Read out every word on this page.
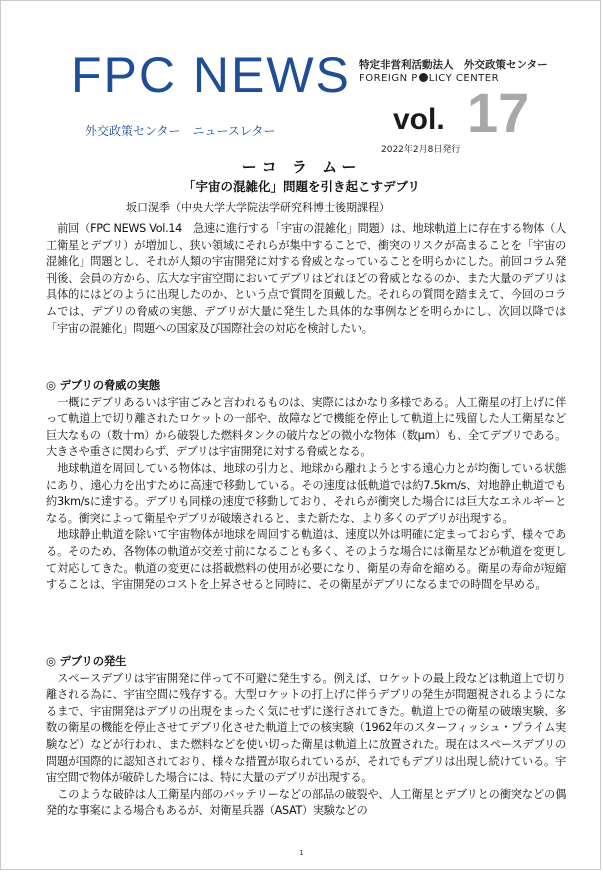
FPC NEWS
外交政策センター　ニュースレター
特定非営利活動法人　外交政策センター
FOREIGN P LICY CENTER
vol. 17
2022年2月8日発行
ーコ ラ ムー
「宇宙の混雑化」問題を引き起こすデブリ
坂口滉季（中央大学大学院法学研究科博士後期課程）

前回（FPC NEWS Vol.14　急速に進行する「宇宙の混雑化」問題）は、地球軌道上に存在する物体（人工衛星とデブリ）が増加し、狭い領域にそれらが集中することで、衝突のリスクが高まることを「宇宙の混雑化」問題とし、それが人類の宇宙開発に対する脅威となっていることを明らかにした。前回コラム発刊後、会員の方から、広大な宇宙空間においてデブリはどれほどの脅威となるのか、また大量のデブリは具体的にはどのように出現したのか、という点で質問を頂戴した。それらの質問を踏まえて、今回のコラムでは、デブリの脅威の実態、デブリが大量に発生した具体的な事例などを明らかにし、次回以降では「宇宙の混雑化」問題への国家及び国際社会の対応を検討したい。

◎ デブリの脅威の実態

一概にデブリあるいは宇宙ごみと言われるものは、実際にはかなり多様である。人工衛星の打上げに伴って軌道上で切り離されたロケットの一部や、故障などで機能を停止して軌道上に残留した人工衛星など巨大なもの（数十m）から破裂した燃料タンクの破片などの微小な物体（数μm）も、全てデブリである。大きさや重さに関わらず、デブリは宇宙開発に対する脅威となる。

地球軌道を周回している物体は、地球の引力と、地球から離れようとする遠心力とが均衡している状態にあり、遠心力を出すために高速で移動している。その速度は低軌道では約7.5km/s、対地静止軌道でも約3km/sに達する。デブリも同様の速度で移動しており、それらが衝突した場合には巨大なエネルギーとなる。衝突によって衛星やデブリが破壊されると、また新たな、より多くのデブリが出現する。

地球静止軌道を除いて宇宙物体が地球を周回する軌道は、速度以外は明確に定まっておらず、様々である。そのため、各物体の軌道が交差寸前になることも多く、そのような場合には衛星などが軌道を変更して対応してきた。軌道の変更には搭載燃料の使用が必要になり、衛星の寿命を縮める。衛星の寿命が短縮することは、宇宙開発のコストを上昇させると同時に、その衛星がデブリになるまでの時間を早める。

◎ デブリの発生

スペースデブリは宇宙開発に伴って不可避に発生する。例えば、ロケットの最上段などは軌道上で切り離される為に、宇宙空間に残存する。大型ロケットの打上げに伴うデブリの発生が問題視されるようになるまで、宇宙開発はデブリの出現をまったく気にせずに遂行されてきた。軌道上での衛星の破壊実験、多数の衛星の機能を停止させてデブリ化させた軌道上での核実験（1962年のスターフィッシュ・プライム実験など）などが行われ、また燃料などを使い切った衛星は軌道上に放置された。現在はスペースデブリの問題が国際的に認知されており、様々な措置が取られているが、それでもデブリは出現し続けている。宇宙空間で物体が破砕した場合には、特に大量のデブリが出現する。

このような破砕は人工衛星内部のバッテリーなどの部品の破裂や、人工衛星とデブリとの衝突などの偶発的な事案による場合もあるが、対衛星兵器（ASAT）実験などの

1
